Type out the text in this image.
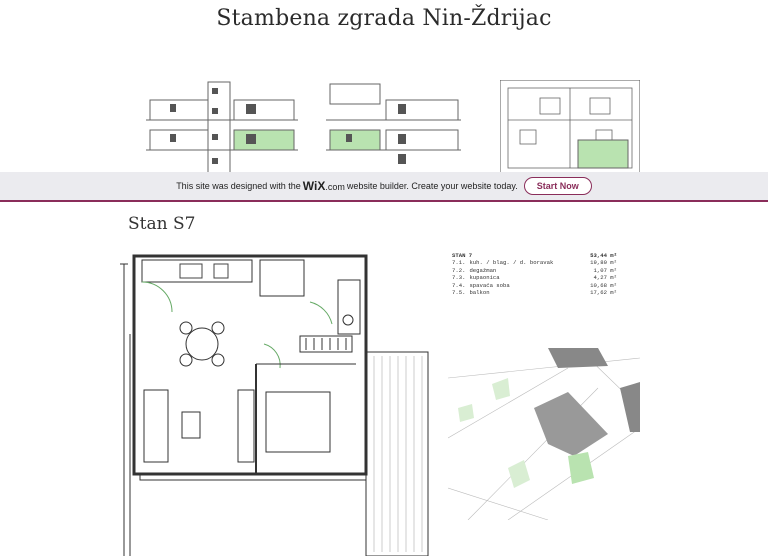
Stambena zgrada Nin-Ždrijac
This site was designed with the WiX.com website builder. Create your website today.	Start Now
Stan S7
STAN 7	53,44 m²
7.1. kuh. / blag. / d. boravak	19,80 m²
7.2. degažman	1,07 m²
7.3. kupaonica	4,27 m²
7.4. spavaća soba	10,68 m²
7.5. balkon	17,62 m²
